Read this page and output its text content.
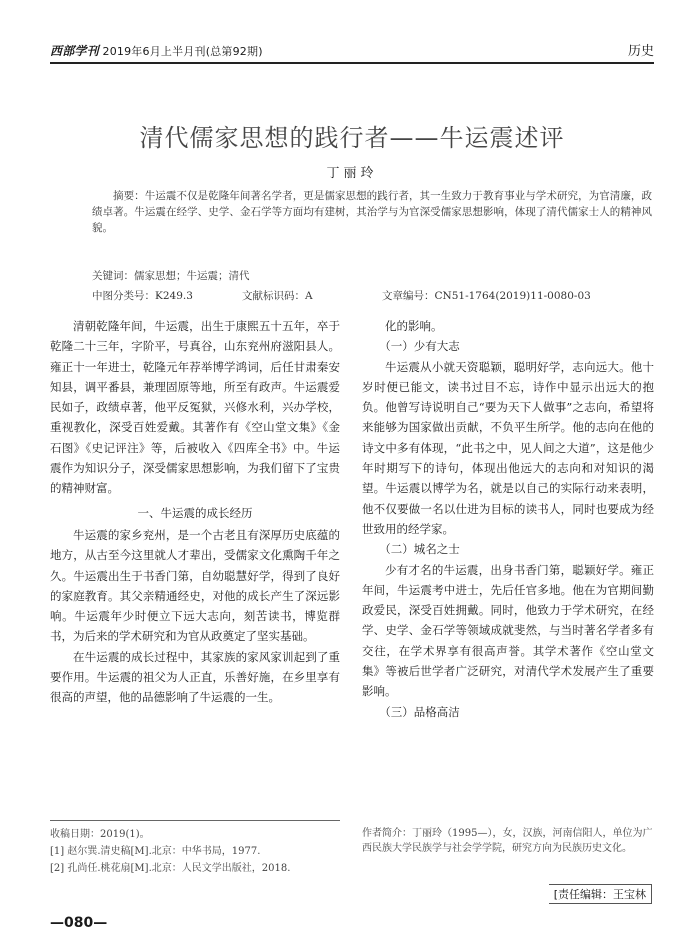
西部学刊 2019年6月上半月刊(总第92期)	历史
清代儒家思想的践行者——牛运震述评
丁丽玲
摘要：牛运震不仅是乾隆年间著名学者，更是儒家思想的践行者，其一生致力于教育事业与学术研究，为官清廉，政绩卓著。牛运震在经学、史学、金石学等方面均有建树，其治学与为官深受儒家思想影响，体现了清代儒家士人的精神风貌。
关键词：儒家思想；牛运震；清代
中图分类号：K249.3	文献标识码：A	文章编号：CN51-1764(2019)11-0080-03

清朝乾隆年间，牛运震，出生于康熙五十五年，卒于乾隆二十三年，字阶平，号真谷，山东兖州府滋阳县人。雍正十一年进士，乾隆元年荐举博学鸿词，后任甘肃秦安知县，调平番县，兼理固原等地，所至有政声。牛运震爱民如子，政绩卓著，他平反冤狱，兴修水利，兴办学校，重视教化，深受百姓爱戴。其著作有《空山堂文集》《金石图》《史记评注》等，后被收入《四库全书》中。牛运震作为知识分子，深受儒家思想影响，为我们留下了宝贵的精神财富。

一、牛运震的成长经历

牛运震的家乡兖州，是一个古老且有深厚历史底蕴的地方，从古至今这里就人才辈出，受儒家文化熏陶千年之久。牛运震出生于书香门第，自幼聪慧好学，得到了良好的家庭教育。其父亲精通经史，对他的成长产生了深远影响。牛运震年少时便立下远大志向，刻苦读书，博览群书，为后来的学术研究和为官从政奠定了坚实基础。

在牛运震的成长过程中，其家族的家风家训起到了重要作用。牛运震的祖父为人正直，乐善好施，在乡里享有很高的声望，他的品德影响了牛运震的一生。

化的影响。

（一）少有大志

牛运震从小就天资聪颖，聪明好学，志向远大。他十岁时便已能文，读书过目不忘，诗作中显示出远大的抱负。他曾写诗说明自己“要为天下人做事”之志向，希望将来能够为国家做出贡献，不负平生所学。他的志向在他的诗文中多有体现，“此书之中，见人间之大道”，这是他少年时期写下的诗句，体现出他远大的志向和对知识的渴望。牛运震以博学为名，就是以自己的实际行动来表明，他不仅要做一名以仕进为目标的读书人，同时也要成为经世致用的经学家。

（二）城名之士

少有才名的牛运震，出身书香门第，聪颖好学。雍正年间，牛运震考中进士，先后任官多地。他在为官期间勤政爱民，深受百姓拥戴。同时，他致力于学术研究，在经学、史学、金石学等领域成就斐然，与当时著名学者多有交往，在学术界享有很高声誉。其学术著作《空山堂文集》等被后世学者广泛研究，对清代学术发展产生了重要影响。

（三）品格高洁

收稿日期：2019(1)。

[1] 赵尔巽.清史稿[M].北京：中华书局，1977.

[2] 孔尚任.桃花扇[M].北京：人民文学出版社，2018.

作者简介：丁丽玲（1995—），女，汉族，河南信阳人，单位为广西民族大学民族学与社会学学院，研究方向为民族历史文化。

[ 责任编辑：王宝林
—080—
